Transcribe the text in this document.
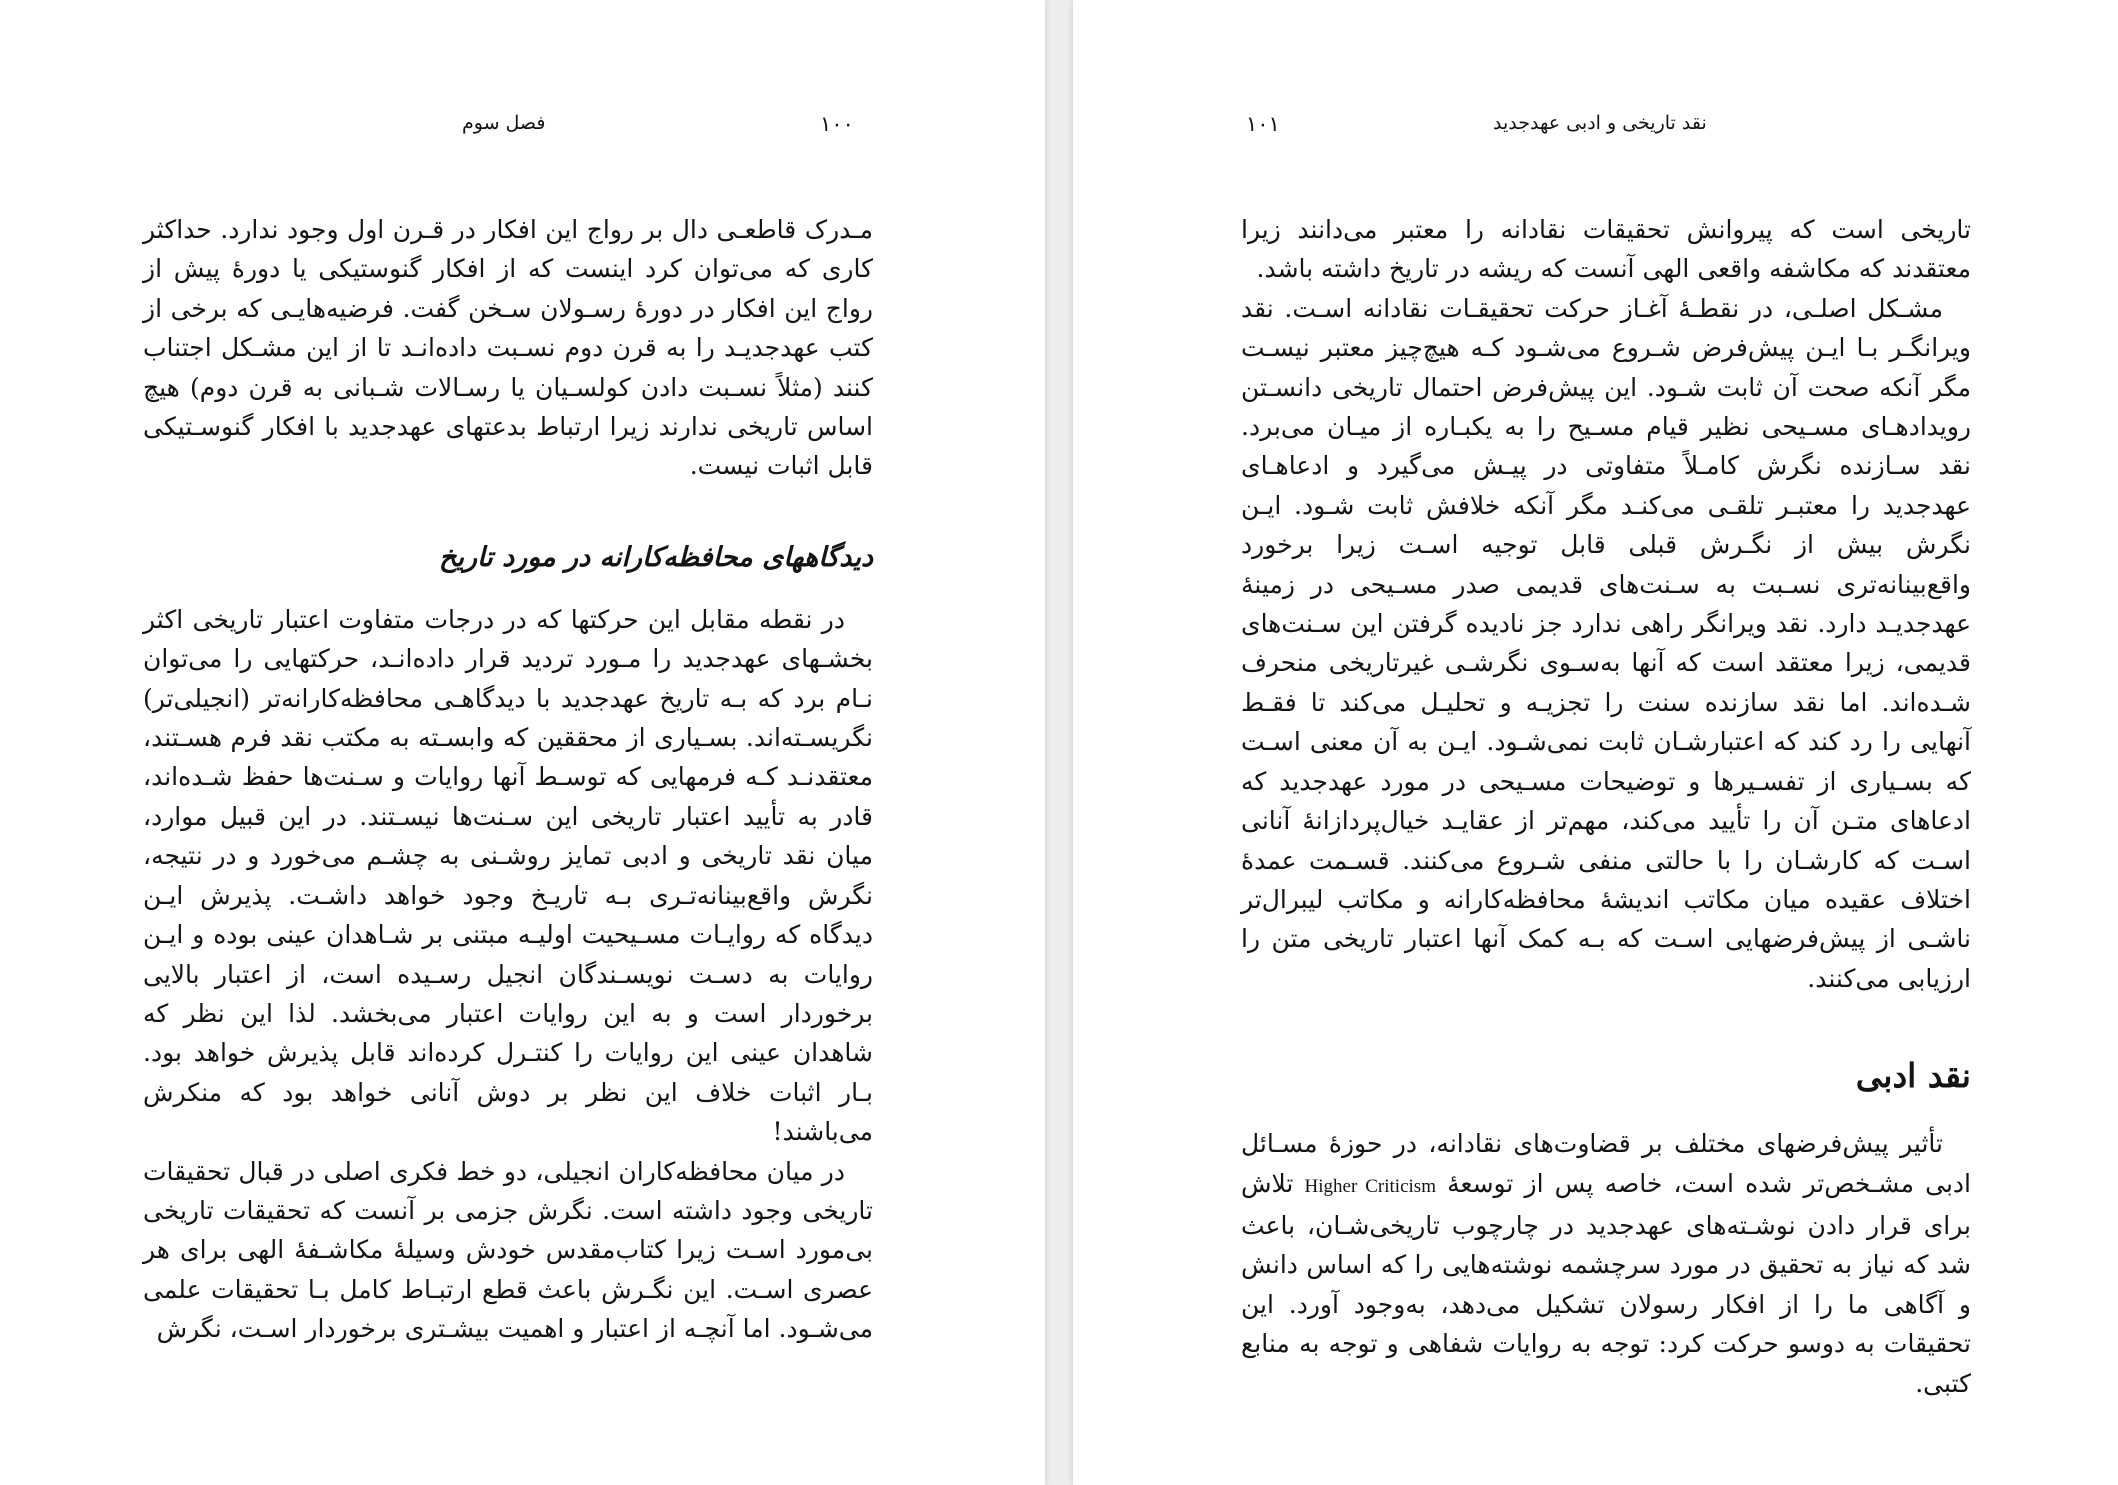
۱۰۰
فصل سوم

مـدرک قاطعـی دال بر رواج این افکار در قـرن اول وجود ندارد. حداکثر کاری که می‌توان کرد اینست که از افکار گنوستیکی یا دورهٔ پیش از رواج این افکار در دورهٔ رسـولان سـخن گفت. فرضیه‌هایـی که برخی از کتب عهدجدیـد را به قرن دوم نسـبت داده‌انـد تا از این مشـکل اجتناب کنند (مثلاً نسـبت دادن کولسـیان یا رسـالات شـبانی به قرن دوم) هیچ اساس تاریخی ندارند زیرا ارتباط بدعتهای عهدجدید با افکار گنوسـتیکی قابل اثبات نیست.

دیدگاههای محافظه‌کارانه در مورد تاریخ

در نقطه مقابل این حرکتها که در درجات متفاوت اعتبار تاریخی اکثر بخشـهای عهدجدید را مـورد تردید قرار داده‌انـد، حرکتهایی را می‌توان نـام برد که بـه تاریخ عهدجدید با دیدگاهـی محافظه‌کارانه‌تر (انجیلی‌تر) نگریسـته‌اند. بسـیاری از محققین که وابسـته به مکتب نقد فرم هسـتند، معتقدنـد کـه فرمهایی که توسـط آنها روایات و سـنت‌ها حفظ شـده‌اند، قادر به تأیید اعتبار تاریخی این سـنت‌ها نیسـتند. در این قبیل موارد، میان نقد تاریخی و ادبی تمایز روشـنی به چشـم می‌خورد و در نتیجه، نگرش واقع‌بینانه‌تـری بـه تاریـخ وجود خواهد داشـت. پذیرش ایـن دیدگاه که روایـات مسـیحیت اولیـه مبتنی بر شـاهدان عینی بوده و ایـن روایات به دسـت نویسـندگان انجیل رسـیده است، از اعتبار بالایی برخوردار است و به این روایات اعتبار می‌بخشد. لذا این نظر که شاهدان عینی این روایات را کنتـرل کرده‌اند قابل پذیرش خواهد بود. بـار اثبات خلاف این نظر بر دوش آنانی خواهد بود که منکرش می‌باشند!

در میان محافظه‌کاران انجیلی، دو خط فکری اصلی در قبال تحقیقات تاریخی وجود داشته است. نگرش جزمی بر آنست که تحقیقات تاریخی بی‌مورد اسـت زیرا کتاب‌مقدس خودش وسیلهٔ مکاشـفهٔ الهی برای هر عصری اسـت. این نگـرش باعث قطع ارتبـاط کامل بـا تحقیقات علمی می‌شـود. اما آنچـه از اعتبار و اهمیت بیشـتری برخوردار اسـت، نگرش

۱۰۱	نقد تاریخی و ادبی عهدجدید

تاریخی است که پیروانش تحقیقات نقادانه را معتبر می‌دانند زیرا معتقدند که مکاشفه واقعی الهی آنست که ریشه در تاریخ داشته باشد.

مشـکل اصلـی، در نقطـهٔ آغـاز حرکت تحقیقـات نقادانه اسـت. نقد ویرانگـر بـا ایـن پیش‌فرض شـروع می‌شـود کـه هیچ‌چیز معتبر نیسـت مگر آنکه صحت آن ثابت شـود. این پیش‌فرض احتمال تاریخی دانسـتن رویدادهـای مسـیحی نظیر قیام مسـیح را به یکبـاره از میـان می‌برد. نقد سـازنده نگرش کامـلاً متفاوتی در پیـش می‌گیرد و ادعاهـای عهدجدید را معتبـر تلقـی می‌کنـد مگر آنکه خلافش ثابت شـود. ایـن نگرش بیش از نگـرش قبلی قابل توجیه اسـت زیرا برخورد واقع‌بینانه‌تری نسـبت به سـنت‌های قدیمی صدر مسـیحی در زمینهٔ عهدجدیـد دارد. نقد ویرانگر راهی ندارد جز نادیده گرفتن این سـنت‌های قدیمی، زیرا معتقد است که آنها به‌سـوی نگرشـی غیرتاریخی منحرف شـده‌اند. اما نقد سازنده سنت را تجزیـه و تحلیـل می‌کند تا فقـط آنهایی را رد کند که اعتبارشـان ثابت نمی‌شـود. ایـن به آن معنی اسـت که بسـیاری از تفسـیرها و توضیحات مسـیحی در مورد عهدجدید که ادعاهای متـن آن را تأیید می‌کند، مهم‌تر از عقایـد خیال‌پردازانهٔ آنانی اسـت که کارشـان را با حالتی منفی شـروع می‌کنند. قسـمت عمدهٔ اختلاف عقیده میان مکاتب اندیشهٔ محافظه‌کارانه و مکاتب لیبرال‌تر ناشـی از پیش‌فرضهایی اسـت که بـه کمک آنها اعتبار تاریخی متن را ارزیابی می‌کنند.

نقد ادبی

تأثیر پیش‌فرضهای مختلف بر قضاوت‌های نقادانه، در حوزهٔ مسـائل ادبی مشـخص‌تر شده است، خاصه پس از توسعهٔ Higher Criticism تلاش برای قرار دادن نوشـته‌های عهدجدید در چارچوب تاریخی‌شـان، باعث شد که نیاز به تحقیق در مورد سرچشمه نوشته‌هایی را که اساس دانش و آگاهی ما را از افکار رسولان تشکیل می‌دهد، به‌وجود آورد. این تحقیقات به دوسو حرکت کرد: توجه به روایات شفاهی و توجه به منابع کتبی.
